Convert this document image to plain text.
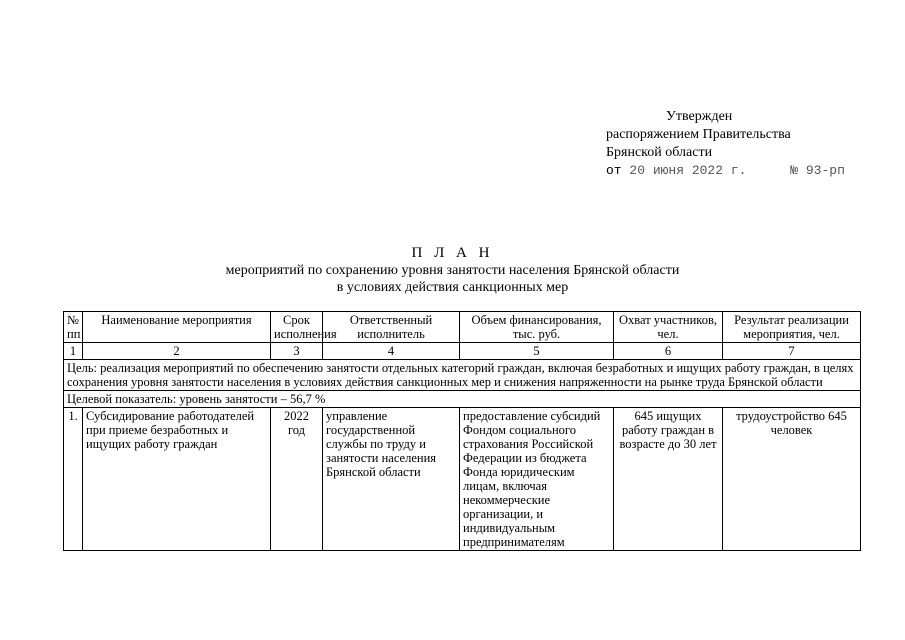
Утвержден
распоряжением Правительства
Брянской области
от 20 июня 2022 г.	№ 93-рп
П Л А Н
мероприятий по сохранению уровня занятости населения Брянской области
в условиях действия санкционных мер
№ пп	Наименование мероприятия	Срок исполнения	Ответственный исполнитель	Объем финансирования, тыс. руб.	Охват участников, чел.	Результат реализации мероприятия, чел.
1	2	3	4	5	6	7
Цель: реализация мероприятий по обеспечению занятости отдельных категорий граждан, включая безработных и ищущих работу граждан, в целях сохранения уровня занятости населения в условиях действия санкционных мер и снижения напряженности на рынке труда Брянской области						
Целевой показатель: уровень занятости – 56,7 %						
1.	Субсидирование работодателей при приеме безработных и ищущих работу граждан	2022 год	управление государственной службы по труду и занятости населения Брянской области	предоставление субсидий Фондом социального страхования Российской Федерации из бюджета Фонда юридическим лицам, включая некоммерческие организации, и индивидуальным предпринимателям	645 ищущих работу граждан в возрасте до 30 лет	трудоустройство 645 человек
